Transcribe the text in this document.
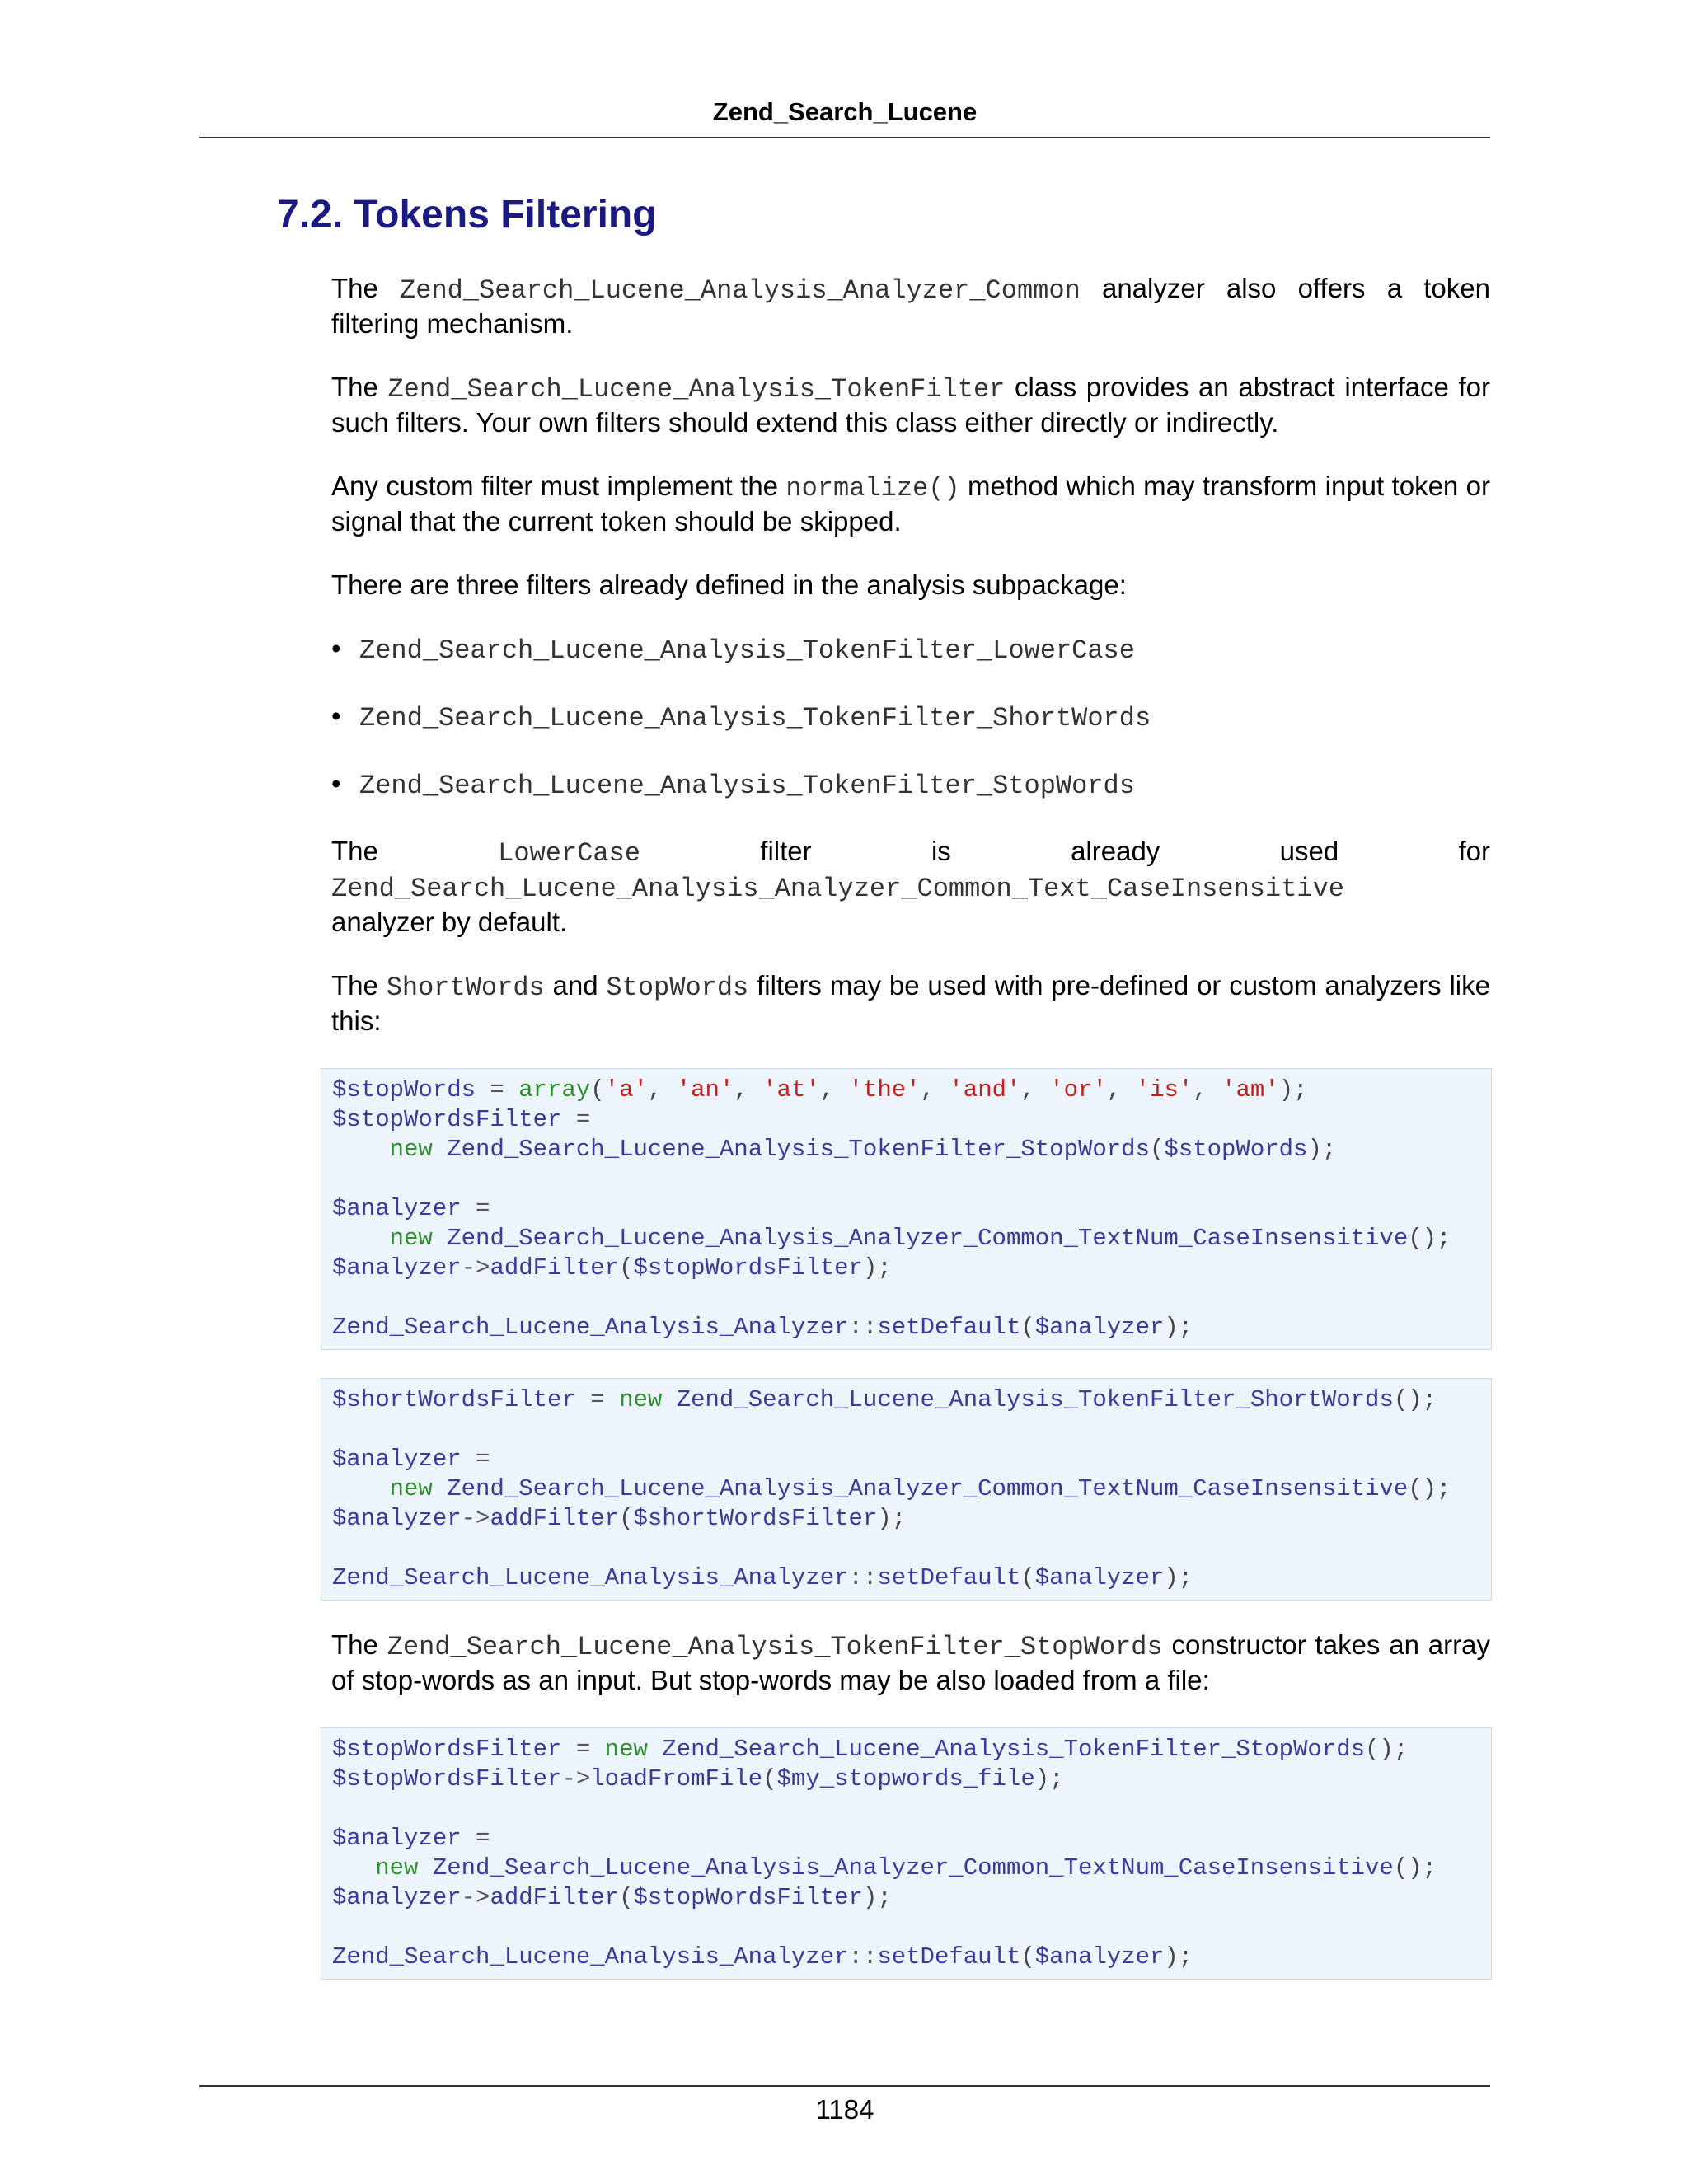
Zend_Search_Lucene
7.2. Tokens Filtering

The Zend_Search_Lucene_Analysis_Analyzer_Common analyzer also offers a token filtering mechanism.

The Zend_Search_Lucene_Analysis_TokenFilter class provides an abstract interface for such filters. Your own filters should extend this class either directly or indirectly.

Any custom filter must implement the normalize() method which may transform input token or signal that the current token should be skipped.

There are three filters already defined in the analysis subpackage:

• Zend_Search_Lucene_Analysis_TokenFilter_LowerCase
• Zend_Search_Lucene_Analysis_TokenFilter_ShortWords
• Zend_Search_Lucene_Analysis_TokenFilter_StopWords

The LowerCase filter is already used for

Zend_Search_Lucene_Analysis_Analyzer_Common_Text_CaseInsensitive
analyzer by default.

The ShortWords and StopWords filters may be used with pre-defined or custom analyzers like this:

$stopWords = array('a', 'an', 'at', 'the', 'and', 'or', 'is', 'am');
$stopWordsFilter =
new Zend_Search_Lucene_Analysis_TokenFilter_StopWords($stopWords);

$analyzer =
new Zend_Search_Lucene_Analysis_Analyzer_Common_TextNum_CaseInsensitive();
$analyzer->addFilter($stopWordsFilter);

Zend_Search_Lucene_Analysis_Analyzer::setDefault($analyzer);
$shortWordsFilter = new Zend_Search_Lucene_Analysis_TokenFilter_ShortWords();

$analyzer =
new Zend_Search_Lucene_Analysis_Analyzer_Common_TextNum_CaseInsensitive();
$analyzer->addFilter($shortWordsFilter);

Zend_Search_Lucene_Analysis_Analyzer::setDefault($analyzer);

The Zend_Search_Lucene_Analysis_TokenFilter_StopWords constructor takes an array of stop-words as an input. But stop-words may be also loaded from a file:

$stopWordsFilter = new Zend_Search_Lucene_Analysis_TokenFilter_StopWords();
$stopWordsFilter->loadFromFile($my_stopwords_file);

$analyzer =
new Zend_Search_Lucene_Analysis_Analyzer_Common_TextNum_CaseInsensitive();
$analyzer->addFilter($stopWordsFilter);

Zend_Search_Lucene_Analysis_Analyzer::setDefault($analyzer);
1184
